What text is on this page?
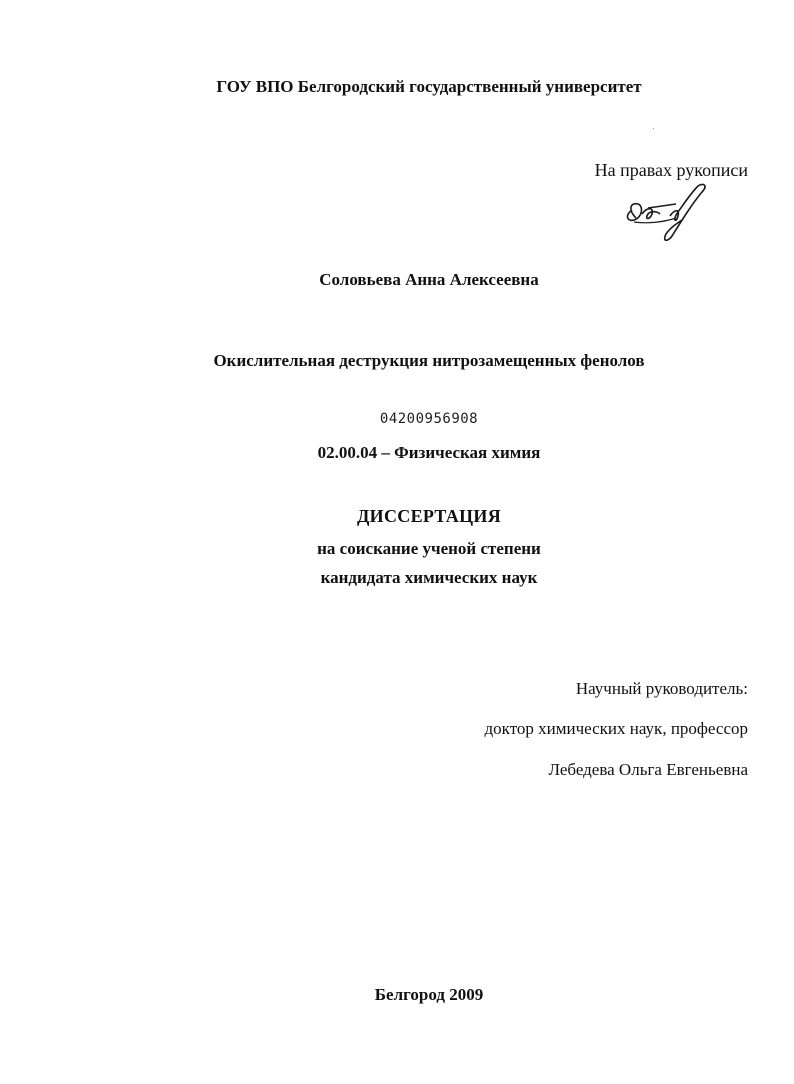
ГОУ ВПО Белгородский государственный университет
На правах рукописи
Соловьева Анна Алексеевна
Окислительная деструкция нитрозамещенных фенолов
04200956908
02.00.04 – Физическая химия
ДИССЕРТАЦИЯ
на соискание ученой степени
кандидата химических наук
Научный руководитель:
доктор химических наук, профессор
Лебедева Ольга Евгеньевна
Белгород 2009
